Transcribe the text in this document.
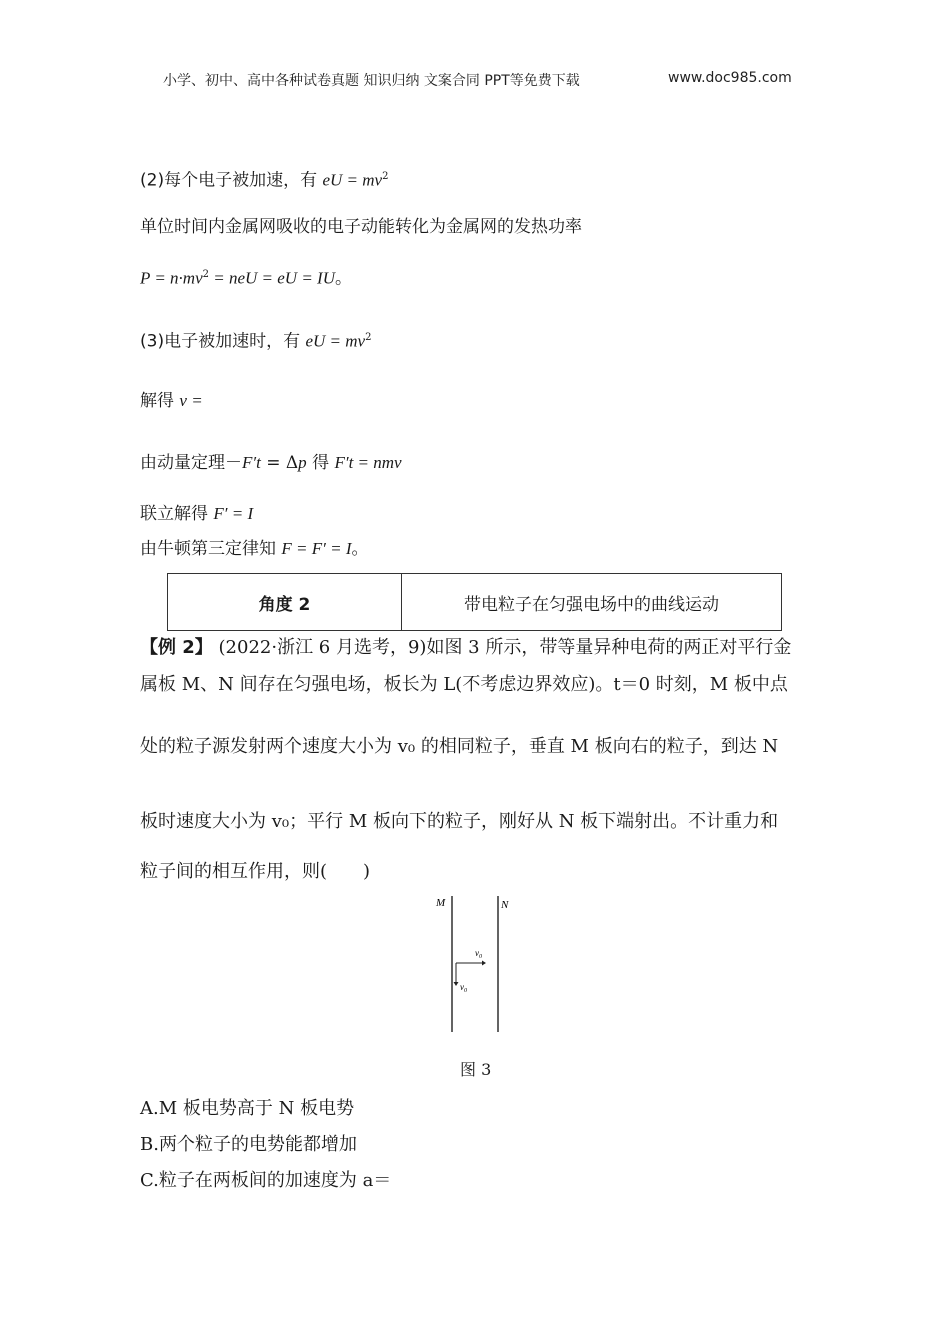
小学、初中、高中各种试卷真题 知识归纳 文案合同 PPT等免费下载	www.doc985.com
(2)每个电子被加速，有 eU = $mv^2$
单位时间内金属网吸收的电子动能转化为金属网的发热功率
$P = n\cdot mv^2$ = neU = eU = IU。
(3)电子被加速时，有 eU = $mv^2$
解得 v =
由动量定理－F′t = Δp 得 F′t = nmv
联立解得 F′ = I
由牛顿第三定律知 F = F′ = I。
角度 2	带电粒子在匀强电场中的曲线运动
【例 2】 (2022·浙江 6 月选考，9)如图 3 所示，带等量异种电荷的两正对平行金
属板 M、N 间存在匀强电场，板长为 L(不考虑边界效应)。t＝0 时刻，M 板中点
处的粒子源发射两个速度大小为 v₀ 的相同粒子，垂直 M 板向右的粒子，到达 N
板时速度大小为 v₀；平行 M 板向下的粒子，刚好从 N 板下端射出。不计重力和
粒子间的相互作用，则(　　)
M	N
$v_0$
$v_0$
图 3
A.M 板电势高于 N 板电势
B.两个粒子的电势能都增加
C.粒子在两板间的加速度为 a＝
